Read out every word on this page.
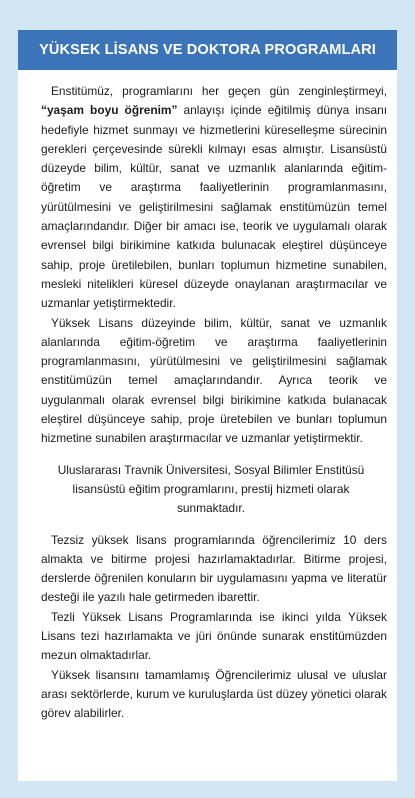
YÜKSEK LİSANS VE DOKTORA PROGRAMLARI

Enstitümüz, programlarını her geçen gün zenginleştirmeyi, “yaşam boyu öğrenim” anlayışı içinde eğitilmiş dünya insanı hedefiyle hizmet sunmayı ve hizmetlerini küreselleşme sürecinin gerekleri çerçevesinde sürekli kılmayı esas almıştır. Lisansüstü düzeyde bilim, kültür, sanat ve uzmanlık alanlarında eğitim-öğretim ve araştırma faaliyetlerinin programlanmasını, yürütülmesini ve geliştirilmesini sağlamak enstitümüzün temel amaçlarındandır. Diğer bir amacı ise, teorik ve uygulamalı olarak evrensel bilgi birikimine katkıda bulunacak eleştirel düşünceye sahip, proje üretilebilen, bunları toplumun hizmetine sunabilen, mesleki nitelikleri küresel düzeyde onaylanan araştırmacılar ve uzmanlar yetiştirmektedir.

Yüksek Lisans düzeyinde bilim, kültür, sanat ve uzmanlık alanlarında eğitim-öğretim ve araştırma faaliyetlerinin programlanmasını, yürütülmesini ve geliştirilmesini sağlamak enstitümüzün temel amaçlarındandır. Ayrıca teorik ve uygulanmalı olarak evrensel bilgi birikimine katkıda bulanacak eleştirel düşünceye sahip, proje üretebilen ve bunları toplumun hizmetine sunabilen araştırmacılar ve uzmanlar yetiştirmektir.

Uluslararası Travnik Üniversitesi, Sosyal Bilimler Enstitüsü lisansüstü eğitim programlarını, prestij hizmeti olarak sunmaktadır.

Tezsiz yüksek lisans programlarında öğrencilerimiz 10 ders almakta ve bitirme projesi hazırlamaktadırlar. Bitirme projesi, derslerde öğrenilen konuların bir uygulamasını yapma ve literatür desteği ile yazılı hale getirmeden ibarettir.

Tezli Yüksek Lisans Programlarında ise ikinci yılda Yüksek Lisans tezi hazırlamakta ve jüri önünde sunarak enstitümüzden mezun olmaktadırlar.

Yüksek lisansını tamamlamış Öğrencilerimiz ulusal ve uluslar arası sektörlerde, kurum ve kuruluşlarda üst düzey yönetici olarak görev alabilirler.
